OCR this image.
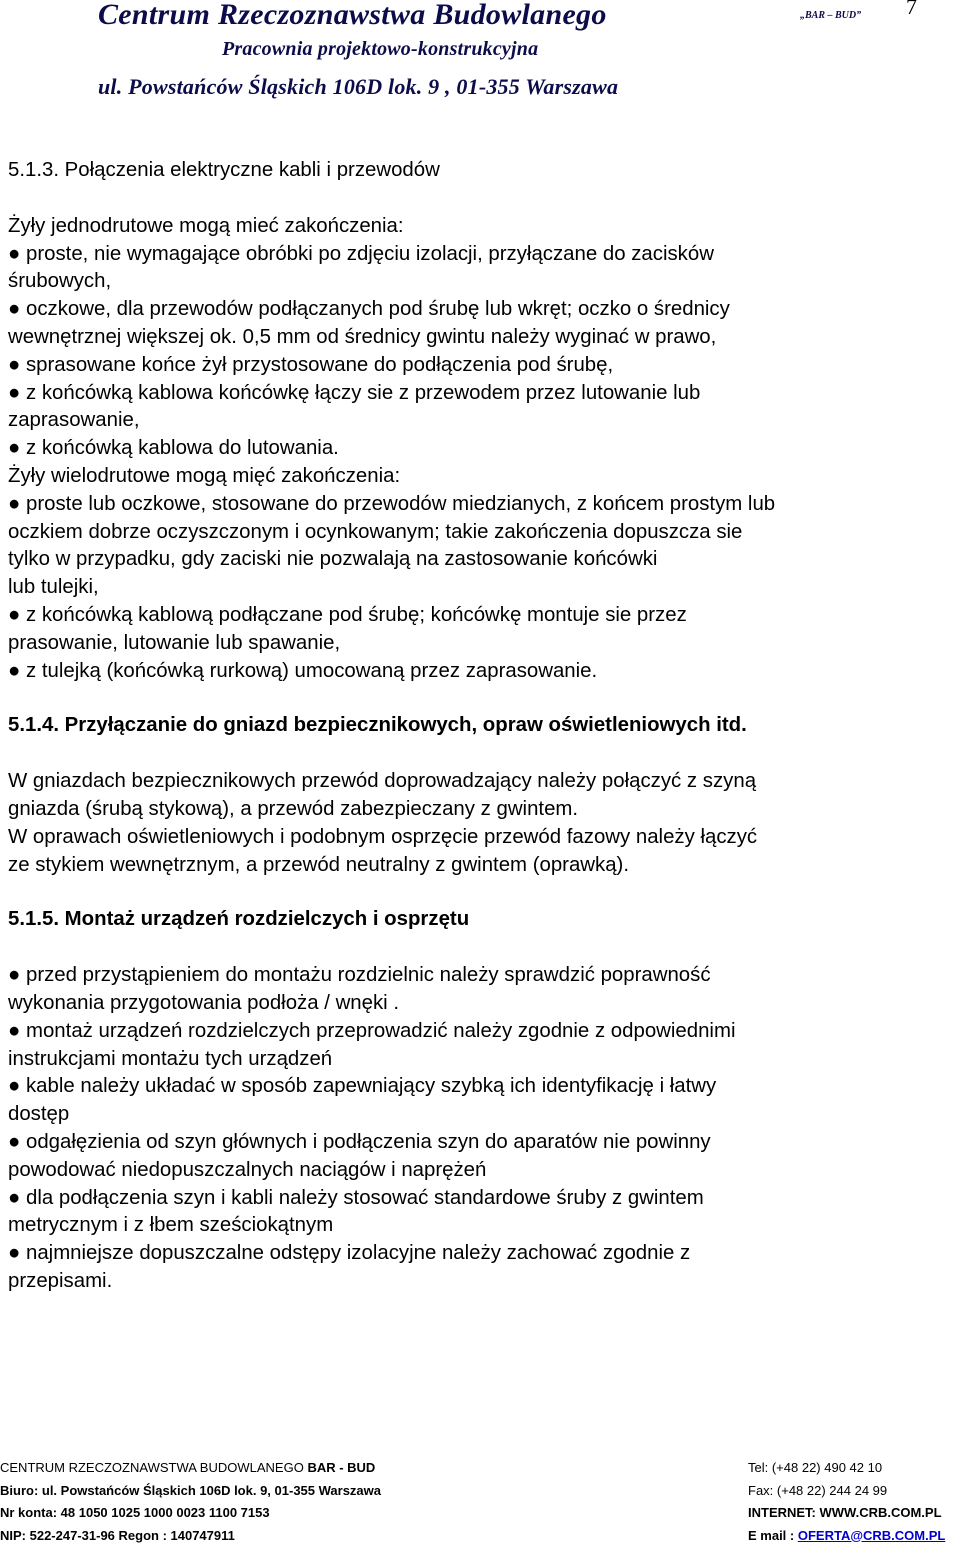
Centrum Rzeczoznawstwa Budowlanego	„BAR – BUD” 7
Pracownia projektowo-konstrukcyjna
ul. Powstańców Śląskich 106D lok. 9 , 01-355 Warszawa

5.1.3. Połączenia elektryczne kabli i przewodów

Żyły jednodrutowe mogą mieć zakończenia:

● proste, nie wymagające obróbki po zdjęciu izolacji, przyłączane do zacisków

śrubowych,

● oczkowe, dla przewodów podłączanych pod śrubę lub wkręt; oczko o średnicy

wewnętrznej większej ok. 0,5 mm od średnicy gwintu należy wyginać w prawo,

● sprasowane końce żył przystosowane do podłączenia pod śrubę,

● z końcówką kablowa końcówkę łączy sie z przewodem przez lutowanie lub

zaprasowanie,

● z końcówką kablowa do lutowania.

Żyły wielodrutowe mogą mięć zakończenia:

● proste lub oczkowe, stosowane do przewodów miedzianych, z końcem prostym lub

oczkiem dobrze oczyszczonym i ocynkowanym; takie zakończenia dopuszcza sie

tylko w przypadku, gdy zaciski nie pozwalają na zastosowanie końcówki

lub tulejki,

● z końcówką kablową podłączane pod śrubę; końcówkę montuje sie przez

prasowanie, lutowanie lub spawanie,

● z tulejką (końcówką rurkową) umocowaną przez zaprasowanie.

5.1.4. Przyłączanie do gniazd bezpiecznikowych, opraw oświetleniowych itd.

W gniazdach bezpiecznikowych przewód doprowadzający należy połączyć z szyną

gniazda (śrubą stykową), a przewód zabezpieczany z gwintem.

W oprawach oświetleniowych i podobnym osprzęcie przewód fazowy należy łączyć

ze stykiem wewnętrznym, a przewód neutralny z gwintem (oprawką).

5.1.5. Montaż urządzeń rozdzielczych i osprzętu

● przed przystąpieniem do montażu rozdzielnic należy sprawdzić poprawność

wykonania przygotowania podłoża / wnęki .

● montaż urządzeń rozdzielczych przeprowadzić należy zgodnie z odpowiednimi

instrukcjami montażu tych urządzeń

● kable należy układać w sposób zapewniający szybką ich identyfikację i łatwy

dostęp

● odgałęzienia od szyn głównych i podłączenia szyn do aparatów nie powinny

powodować niedopuszczalnych naciągów i naprężeń

● dla podłączenia szyn i kabli należy stosować standardowe śruby z gwintem

metrycznym i z łbem sześciokątnym

● najmniejsze dopuszczalne odstępy izolacyjne należy zachować zgodnie z

przepisami.

CENTRUM RZECZOZNAWSTWA BUDOWLANEGO BAR - BUD	Tel: (+48 22) 490 42 10
Biuro: ul. Powstańców Śląskich 106D lok. 9, 01-355 Warszawa	Fax: (+48 22) 244 24 99
Nr konta: 48 1050 1025 1000 0023 1100 7153	INTERNET: WWW.CRB.COM.PL
NIP: 522-247-31-96 Regon : 140747911	E mail : OFERTA@CRB.COM.PL
